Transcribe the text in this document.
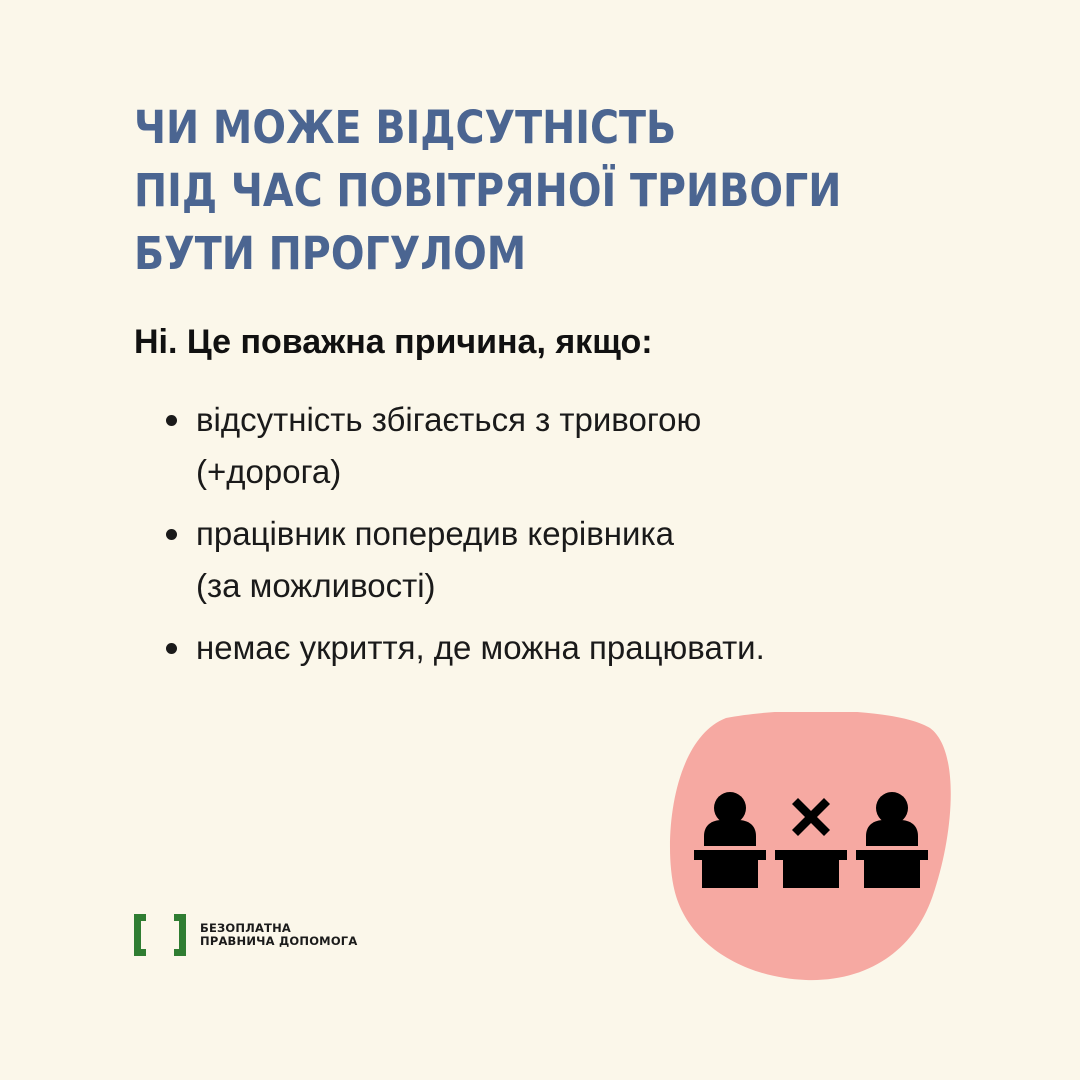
ЧИ МОЖЕ ВІДСУТНІСТЬ
ПІД ЧАС ПОВІТРЯНОЇ ТРИВОГИ
БУТИ ПРОГУЛОМ

Ні. Це поважна причина, якщо:

відсутність збігається з тривогою
(+дорога)
працівник попередив керівника
(за можливості)
немає укриття, де можна працювати.
БЕЗОПЛАТНА
ПРАВНИЧА ДОПОМОГА
